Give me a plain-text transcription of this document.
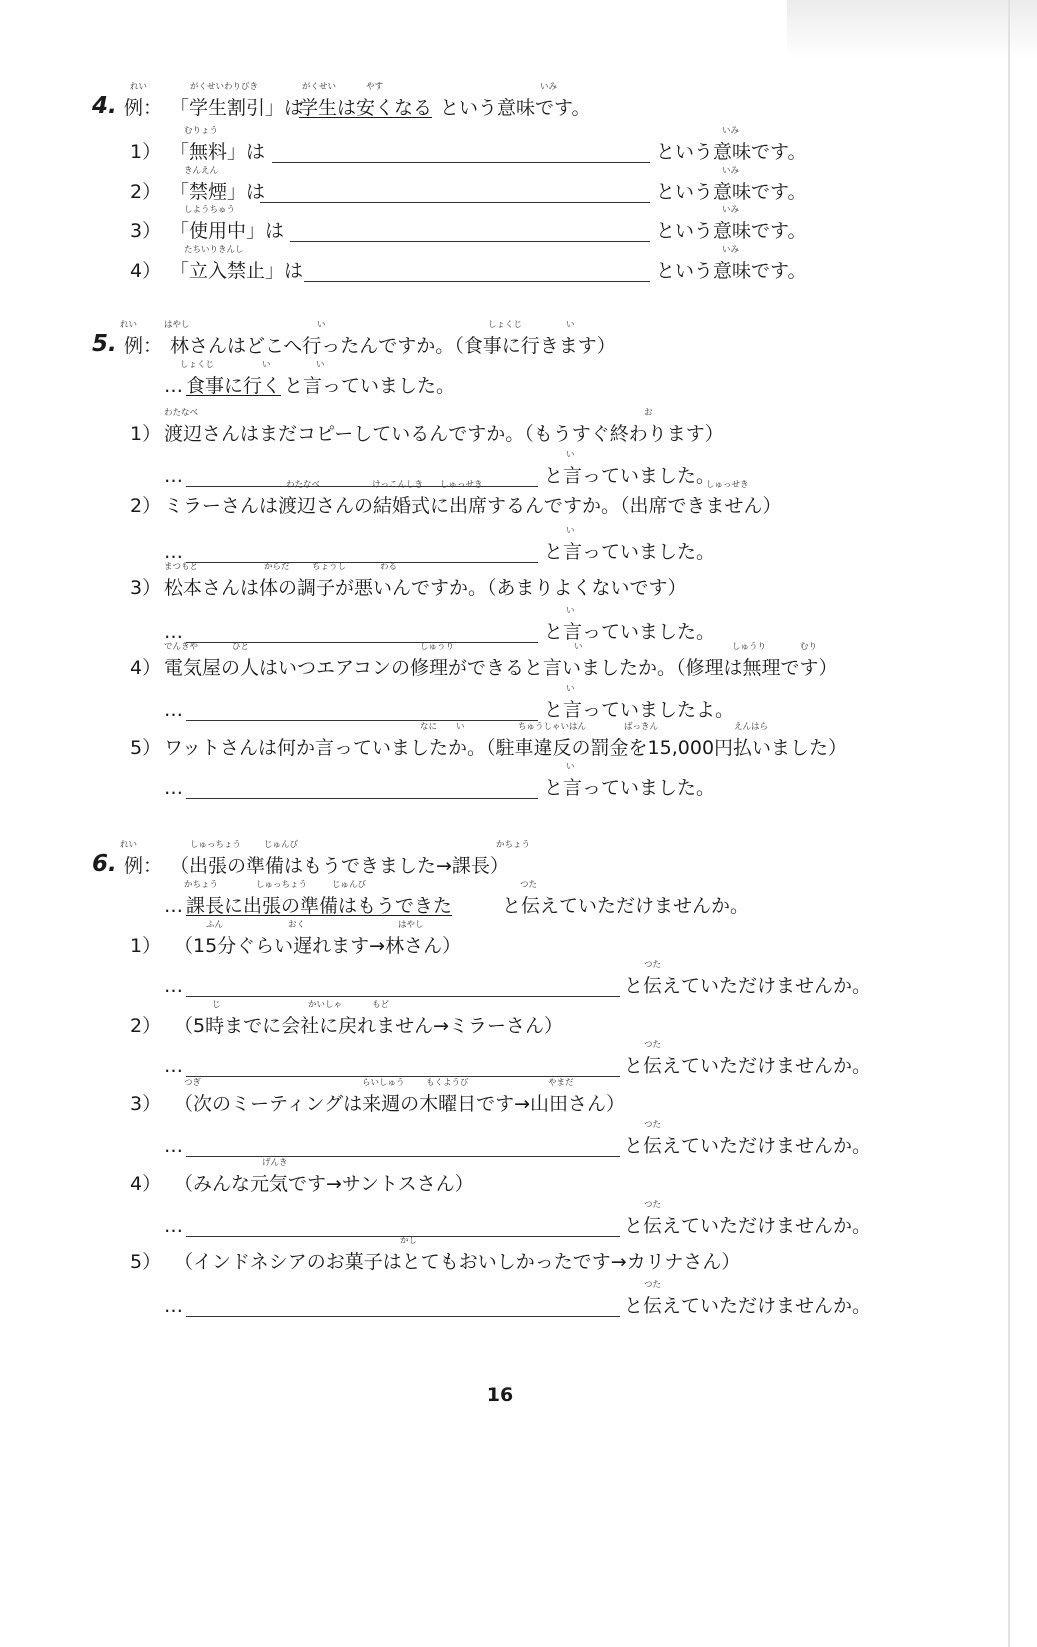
4.
れい	がくせいわりびき	がくせい	やす	いみ
例： 「学生割引」は
学生は安くなる という意味です。
むりょう	いみ
1） 「無料」は	という意味です。
きんえん	いみ
2） 「禁煙」は	という意味です。
しようちゅう	いみ
3） 「使用中」は	という意味です。
たちいりきんし	いみ
4） 「立入禁止」は	という意味です。
5.
れい	はやし	い	しょくじ	い
例： 林さんはどこへ行ったんですか。（食事に行きます）
しょくじ	い	い
… 食事に行く と言っていました。
わたなべ	お
1） 渡辺さんはまだコピーしているんですか。（もうすぐ終わります）
い
…	と言っていました。
わたなべ	けっこんしき しゅっせき	しゅっせき
2） ミラーさんは渡辺さんの結婚式に出席するんですか。（出席できません）
い
…	と言っていました。
まつもと	からだ	ちょうし	わる
3） 松本さんは体の調子が悪いんですか。（あまりよくないです）
い
…	と言っていました。
でんきや	ひと	しゅうり	い	しゅうり	むり
4） 電気屋の人はいつエアコンの修理ができると言いましたか。（修理は無理です）
い
…	と言っていましたよ。
なに い	ちゅうしゃいはん	ばっきん	えんはら
5） ワットさんは何か言っていましたか。（駐車違反の罰金を15,000円払いました）
い
…	と言っていました。
6.
れい	しゅっちょう	じゅんび	かちょう
例： （出張の準備はもうできました→課長）
かちょう	しゅっちょう	じゅんび	つた
… 課長に出張の準備はもうできた	と伝えていただけませんか。
ふん	おく	はやし
1） （15分ぐらい遅れます→林さん）
つた
…	と伝えていただけませんか。
じ	かいしゃ	もど
2） （5時までに会社に戻れません→ミラーさん）
つた
…	と伝えていただけませんか。
つぎ	らいしゅう	もくようび	やまだ
3） （次のミーティングは来週の木曜日です→山田さん）
つた
…	と伝えていただけませんか。
げんき
4） （みんな元気です→サントスさん）
つた
…	と伝えていただけませんか。
かし
5） （インドネシアのお菓子はとてもおいしかったです→カリナさん）
つた
…	と伝えていただけませんか。
16
